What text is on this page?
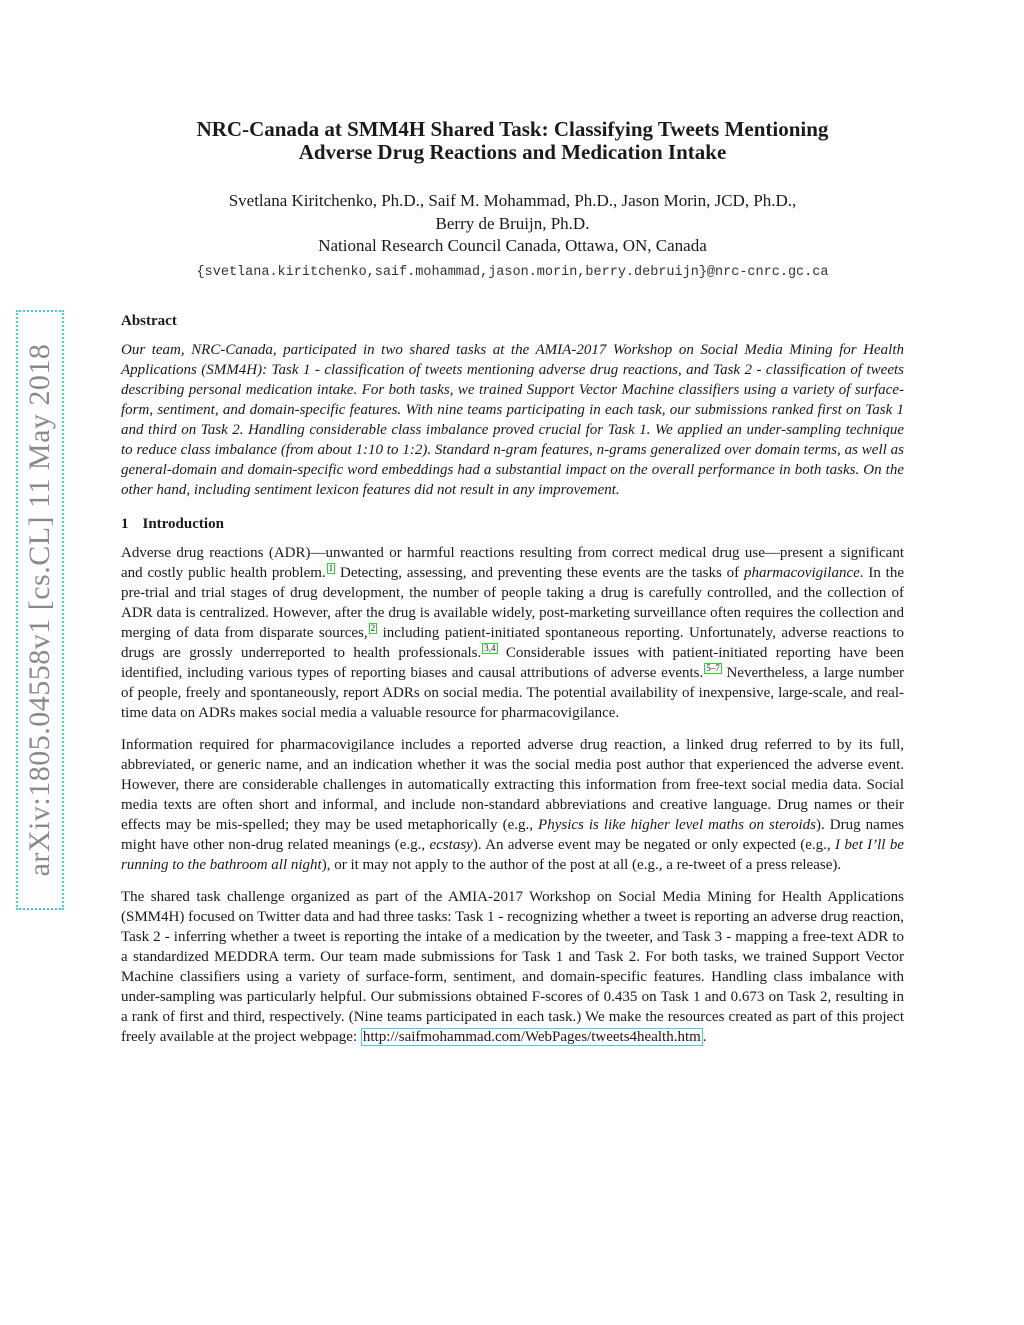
arXiv:1805.04558v1 [cs.CL] 11 May 2018
NRC-Canada at SMM4H Shared Task: Classifying Tweets Mentioning
Adverse Drug Reactions and Medication Intake
Svetlana Kiritchenko, Ph.D., Saif M. Mohammad, Ph.D., Jason Morin, JCD, Ph.D.,
Berry de Bruijn, Ph.D.
National Research Council Canada, Ottawa, ON, Canada
{svetlana.kiritchenko,saif.mohammad,jason.morin,berry.debruijn}@nrc-cnrc.gc.ca
Abstract
Our team, NRC-Canada, participated in two shared tasks at the AMIA-2017 Workshop on Social Media Mining for Health Applications (SMM4H): Task 1 - classification of tweets mentioning adverse drug reactions, and Task 2 - classification of tweets describing personal medication intake. For both tasks, we trained Support Vector Machine classifiers using a variety of surface-form, sentiment, and domain-specific features. With nine teams participating in each task, our submissions ranked first on Task 1 and third on Task 2. Handling considerable class imbalance proved crucial for Task 1. We applied an under-sampling technique to reduce class imbalance (from about 1:10 to 1:2). Standard n-gram features, n-grams generalized over domain terms, as well as general-domain and domain-specific word embeddings had a substantial impact on the overall performance in both tasks. On the other hand, including sentiment lexicon features did not result in any improvement.
1 Introduction

Adverse drug reactions (ADR)—unwanted or harmful reactions resulting from correct medical drug use—present a significant and costly public health problem. 1 Detecting, assessing, and preventing these events are the tasks of pharmacovigilance. In the pre-trial and trial stages of drug development, the number of people taking a drug is carefully controlled, and the collection of ADR data is centralized. However, after the drug is available widely, post-marketing surveillance often requires the collection and merging of data from disparate sources, 2 including patient-initiated spontaneous reporting. Unfortunately, adverse reactions to drugs are grossly underreported to health professionals. 3,4 Considerable issues with patient-initiated reporting have been identified, including various types of reporting biases and causal attributions of adverse events. 5–7 Nevertheless, a large number of people, freely and spontaneously, report ADRs on social media. The potential availability of inexpensive, large-scale, and real-time data on ADRs makes social media a valuable resource for pharmacovigilance.

Information required for pharmacovigilance includes a reported adverse drug reaction, a linked drug referred to by its full, abbreviated, or generic name, and an indication whether it was the social media post author that experienced the adverse event. However, there are considerable challenges in automatically extracting this information from free-text social media data. Social media texts are often short and informal, and include non-standard abbreviations and creative language. Drug names or their effects may be mis-spelled; they may be used metaphorically (e.g., Physics is like higher level maths on steroids). Drug names might have other non-drug related meanings (e.g., ecstasy). An adverse event may be negated or only expected (e.g., I bet I’ll be running to the bathroom all night), or it may not apply to the author of the post at all (e.g., a re-tweet of a press release).

The shared task challenge organized as part of the AMIA-2017 Workshop on Social Media Mining for Health Applications (SMM4H) focused on Twitter data and had three tasks: Task 1 - recognizing whether a tweet is reporting an adverse drug reaction, Task 2 - inferring whether a tweet is reporting the intake of a medication by the tweeter, and Task 3 - mapping a free-text ADR to a standardized MEDDRA term. Our team made submissions for Task 1 and Task 2. For both tasks, we trained Support Vector Machine classifiers using a variety of surface-form, sentiment, and domain-specific features. Handling class imbalance with under-sampling was particularly helpful. Our submissions obtained F-scores of 0.435 on Task 1 and 0.673 on Task 2, resulting in a rank of first and third, respectively. (Nine teams participated in each task.) We make the resources created as part of this project freely available at the project webpage: http://saifmohammad.com/WebPages/tweets4health.htm .
